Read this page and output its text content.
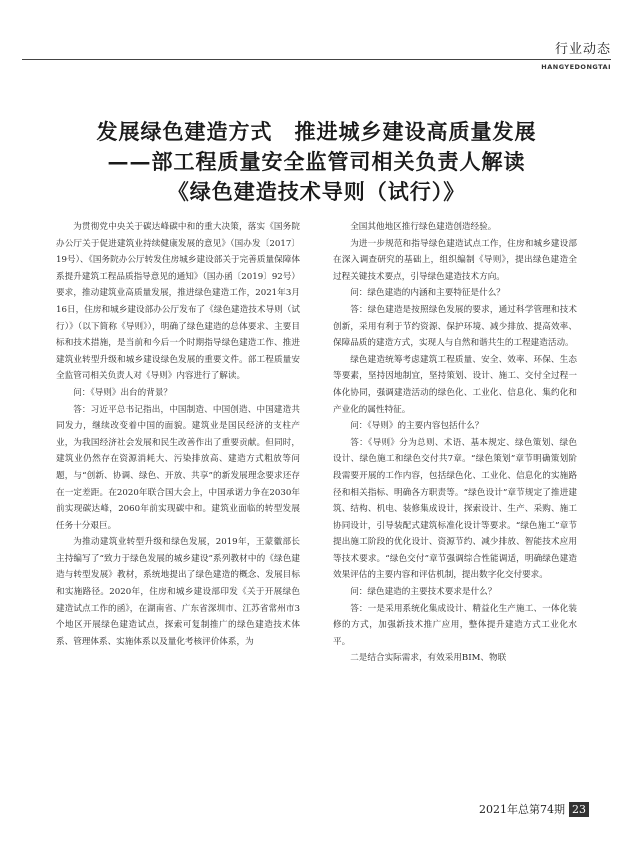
行业动态
HANGYEDONGTAI
发展绿色建造方式　推进城乡建设高质量发展
——部工程质量安全监管司相关负责人解读
《绿色建造技术导则（试行）》

为贯彻党中央关于碳达峰碳中和的重大决策，落实《国务院办公厅关于促进建筑业持续健康发展的意见》（国办发〔2017〕19号）、《国务院办公厅转发住房城乡建设部关于完善质量保障体系提升建筑工程品质指导意见的通知》（国办函〔2019〕92号）要求，推动建筑业高质量发展，推进绿色建造工作，2021年3月16日，住房和城乡建设部办公厅发布了《绿色建造技术导则（试行）》（以下简称《导则》），明确了绿色建造的总体要求、主要目标和技术措施，是当前和今后一个时期指导绿色建造工作、推进建筑业转型升级和城乡建设绿色发展的重要文件。部工程质量安全监管司相关负责人对《导则》内容进行了解读。

问：《导则》出台的背景？

答：习近平总书记指出，中国制造、中国创造、中国建造共同发力，继续改变着中国的面貌。建筑业是国民经济的支柱产业，为我国经济社会发展和民生改善作出了重要贡献。但同时，建筑业仍然存在资源消耗大、污染排放高、建造方式粗放等问题，与“创新、协调、绿色、开放、共享”的新发展理念要求还存在一定差距。在2020年联合国大会上，中国承诺力争在2030年前实现碳达峰，2060年前实现碳中和。建筑业面临的转型发展任务十分艰巨。

为推动建筑业转型升级和绿色发展，2019年，王蒙徽部长主持编写了“致力于绿色发展的城乡建设”系列教材中的《绿色建造与转型发展》教材，系统地提出了绿色建造的概念、发展目标和实施路径。2020年，住房和城乡建设部印发《关于开展绿色建造试点工作的函》，在湖南省、广东省深圳市、江苏省常州市3个地区开展绿色建造试点，探索可复制推广的绿色建造技术体系、管理体系、实施体系以及量化考核评价体系，为

全国其他地区推行绿色建造创造经验。

为进一步规范和指导绿色建造试点工作，住房和城乡建设部在深入调查研究的基础上，组织编制《导则》，提出绿色建造全过程关键技术要点，引导绿色建造技术方向。

问：绿色建造的内涵和主要特征是什么？

答：绿色建造是按照绿色发展的要求，通过科学管理和技术创新，采用有利于节约资源、保护环境、减少排放、提高效率、保障品质的建造方式，实现人与自然和谐共生的工程建造活动。

绿色建造统筹考虑建筑工程质量、安全、效率、环保、生态等要素，坚持因地制宜，坚持策划、设计、施工、交付全过程一体化协同，强调建造活动的绿色化、工业化、信息化、集约化和产业化的属性特征。

问：《导则》的主要内容包括什么？

答：《导则》分为总则、术语、基本规定、绿色策划、绿色设计、绿色施工和绿色交付共7章。“绿色策划”章节明确策划阶段需要开展的工作内容，包括绿色化、工业化、信息化的实施路径和相关指标、明确各方职责等。“绿色设计”章节规定了推进建筑、结构、机电、装修集成设计，探索设计、生产、采购、施工协同设计，引导装配式建筑标准化设计等要求。“绿色施工”章节提出施工阶段的优化设计、资源节约、减少排放、智能技术应用等技术要求。“绿色交付”章节强调综合性能调适，明确绿色建造效果评估的主要内容和评估机制，提出数字化交付要求。

问：绿色建造的主要技术要求是什么？

答：一是采用系统化集成设计、精益化生产施工、一体化装修的方式，加强新技术推广应用，整体提升建造方式工业化水平。

二是结合实际需求，有效采用BIM、物联

2021年总第74期 23
